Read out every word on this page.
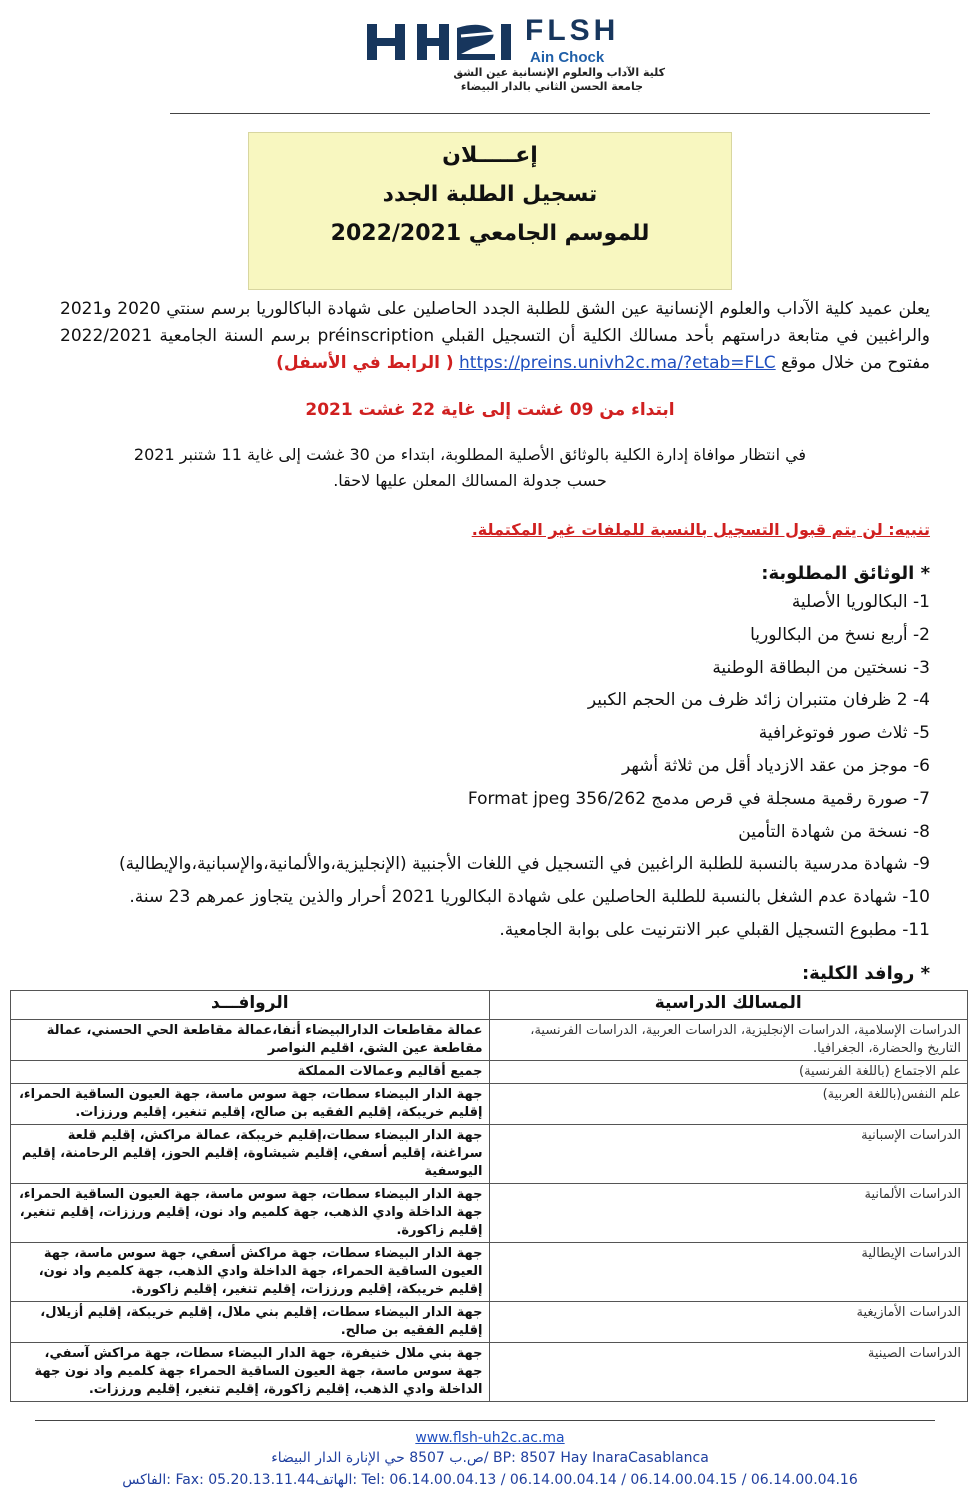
FLSH
Ain Chock
كلية الآداب والعلوم الإنسانية عين الشق
جامعة الحسن الثاني بالدار البيضاء
إعـــــلان
تسجيل الطلبة الجدد
للموسم الجامعي 2022/2021
يعلن عميد كلية الآداب والعلوم الإنسانية عين الشق للطلبة الجدد الحاصلين على شهادة الباكالوريا برسم سنتي 2020 و2021 والراغبين في متابعة دراستهم بأحد مسالك الكلية أن التسجيل القبلي préinscription برسم السنة الجامعية 2022/2021 مفتوح من خلال موقع https://preins.univh2c.ma/?etab=FLC ( الرابط في الأسفل)
ابتداء من 09 غشت إلى غاية 22 غشت 2021
في انتظار موافاة إدارة الكلية بالوثائق الأصلية المطلوبة، ابتداء من 30 غشت إلى غاية 11 شتنبر 2021
حسب جدولة المسالك المعلن عليها لاحقا.
تنبيه: لن يتم قبول التسجيل بالنسبة للملفات غير المكتملة.
* الوثائق المطلوبة:
1- البكالوريا الأصلية
2- أربع نسخ من البكالوريا
3- نسختين من البطاقة الوطنية
4- 2 ظرفان متنبران زائد ظرف من الحجم الكبير
5- ثلاث صور فوتوغرافية
6- موجز من عقد الازدياد أقل من ثلاثة أشهر
7- صورة رقمية مسجلة في قرص مدمج Format jpeg 356/262
8- نسخة من شهادة التأمين
9- شهادة مدرسية بالنسبة للطلبة الراغبين في التسجيل في اللغات الأجنبية (الإنجليزية،والألمانية،والإسبانية،والإيطالية)
10- شهادة عدم الشغل بالنسبة للطلبة الحاصلين على شهادة البكالوريا 2021 أحرار والذين يتجاوز عمرهم 23 سنة.
11- مطبوع التسجيل القبلي عبر الانترنيت على بوابة الجامعية.
* روافد الكلية:
المسالك الدراسية	الروافـــد
الدراسات الإسلامية، الدراسات الإنجليزية، الدراسات العربية، الدراسات الفرنسية، التاريخ والحضارة، الجغرافيا.	عمالة مقاطعات الدارالبيضاء أنفا،عمالة مقاطعة الحي الحسني، عمالة مقاطعة عين الشق، اقليم النواصر
علم الاجتماع (باللغة الفرنسية)	جميع أقاليم وعمالات المملكة
علم النفس(باللغة العربية)	جهة الدار البيضاء سطات، جهة سوس ماسة، جهة العيون الساقية الحمراء، إقليم خريبكة، إقليم الفقيه بن صالح، إقليم تنغير، إقليم ورززات.
الدراسات الإسبانية	جهة الدار البيضاء سطات،إقليم خريبكة، عمالة مراكش، إقليم قلعة سراغنة، إقليم أسفي، إقليم شيشاوة، إقليم الحوز، إقليم الرحامنة، إقليم اليوسفية
الدراسات الألمانية	جهة الدار البيضاء سطات، جهة سوس ماسة، جهة العيون الساقية الحمراء، جهة الداخلة وادي الذهب، جهة كلميم واد نون، إقليم ورززات، إقليم تنغير، إقليم زاكورة.
الدراسات الإيطالية	جهة الدار البيضاء سطات، جهة مراكش أسفي، جهة سوس ماسة، جهة العيون الساقية الحمراء، جهة الداخلة وادي الذهب، جهة كلميم واد نون، إقليم خريبكة، إقليم ورززات، إقليم تنغير، إقليم زاكورة.
الدراسات الأمازيغية	جهة الدار البيضاء سطات، إقليم بني ملال، إقليم خريبكة، إقليم أزيلال، إقليم الفقيه بن صالح.
الدراسات الصينية	جهة بني ملال خنيفرة، جهة الدار البيضاء سطات، جهة مراكش آسفي، جهة سوس ماسة، جهة العيون الساقية الحمراء جهة كلميم واد نون جهة الداخلة وادي الذهب، إقليم زاكورة، إقليم تنغير، إقليم ورززات.
www.flsh-uh2c.ac.ma
ص.ب 8507 حي الإنارة الدار البيضاء/ BP: 8507 Hay InaraCasablanca
الفاكس: Fax: 05.20.13.11.44الهاتف: Tel: 06.14.00.04.13 / 06.14.00.04.14 / 06.14.00.04.15 / 06.14.00.04.16
